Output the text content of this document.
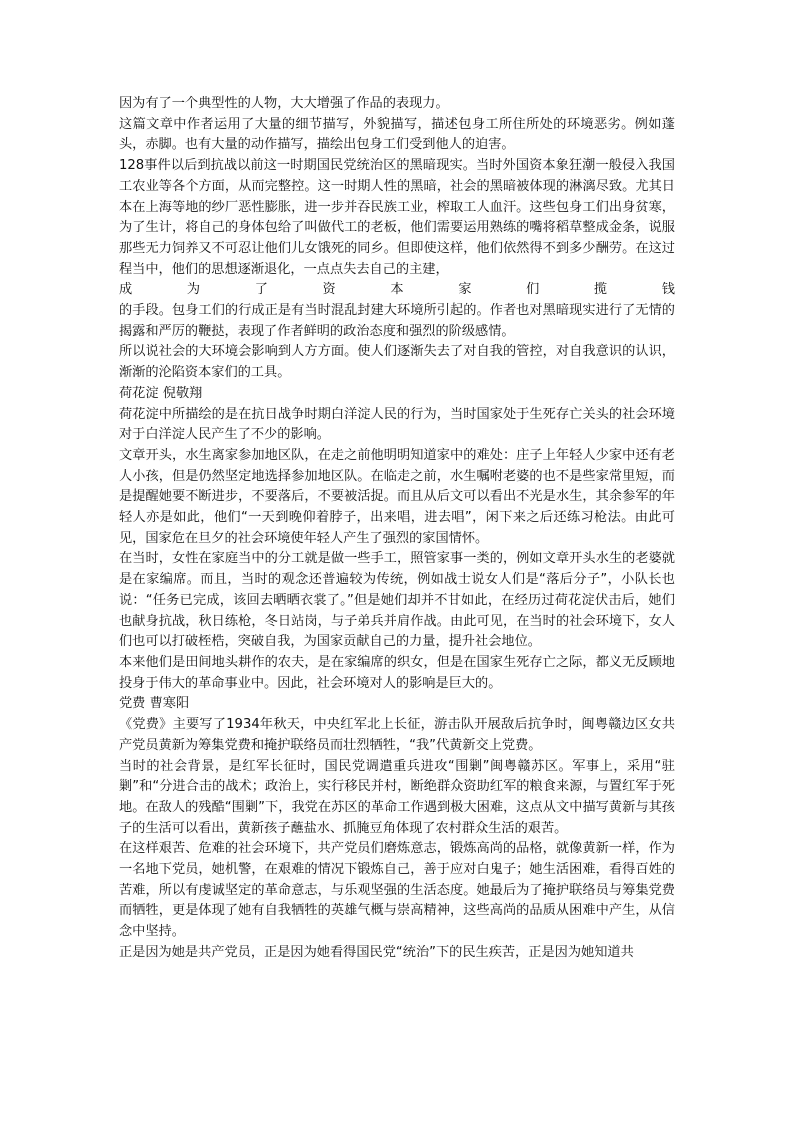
因为有了一个典型性的人物，大大增强了作品的表现力。

这篇文章中作者运用了大量的细节描写，外貌描写，描述包身工所住所处的环境恶劣。例如蓬头，赤脚。也有大量的动作描写，描绘出包身工们受到他人的迫害。

128事件以后到抗战以前这一时期国民党统治区的黑暗现实。当时外国资本象狂潮一般侵入我国工农业等各个方面，从而完整控。这一时期人性的黑暗，社会的黑暗被体现的淋漓尽致。尤其日本在上海等地的纱厂恶性膨胀，进一步并吞民族工业，榨取工人血汗。这些包身工们出身贫寒，为了生计，将自己的身体包给了叫做代工的老板，他们需要运用熟练的嘴将稻草整成金条，说服那些无力饲养又不可忍让他们儿女饿死的同乡。但即使这样，他们依然得不到多少酬劳。在这过程当中，他们的思想逐渐退化，一点点失去自己的主建，

成	为	了	资	本	家	们	揽	钱

的手段。包身工们的行成正是有当时混乱封建大环境所引起的。作者也对黑暗现实进行了无情的揭露和严厉的鞭挞，表现了作者鲜明的政治态度和强烈的阶级感情。

所以说社会的大环境会影响到人方方面。使人们逐渐失去了对自我的管控，对自我意识的认识，渐渐的沦陷资本家们的工具。

荷花淀 倪敬翔

荷花淀中所描绘的是在抗日战争时期白洋淀人民的行为，当时国家处于生死存亡关头的社会环境对于白洋淀人民产生了不少的影响。

文章开头，水生离家参加地区队，在走之前他明明知道家中的难处：庄子上年轻人少家中还有老人小孩，但是仍然坚定地选择参加地区队。在临走之前，水生嘱咐老婆的也不是些家常里短，而是提醒她要不断进步，不要落后，不要被活捉。而且从后文可以看出不光是水生，其余参军的年轻人亦是如此，他们“一天到晚仰着脖子，出来唱，进去唱”，闲下来之后还练习枪法。由此可见，国家危在旦夕的社会环境使年轻人产生了强烈的家国情怀。

在当时，女性在家庭当中的分工就是做一些手工，照管家事一类的，例如文章开头水生的老婆就是在家编席。而且，当时的观念还普遍较为传统，例如战士说女人们是“落后分子”，小队长也说：“任务已完成，该回去晒晒衣裳了。”但是她们却并不甘如此，在经历过荷花淀伏击后，她们也献身抗战，秋日练枪，冬日站岗，与子弟兵并肩作战。由此可见，在当时的社会环境下，女人们也可以打破桎梏，突破自我，为国家贡献自己的力量，提升社会地位。

本来他们是田间地头耕作的农夫，是在家编席的织女，但是在国家生死存亡之际，都义无反顾地投身于伟大的革命事业中。因此，社会环境对人的影响是巨大的。

党费 曹寒阳

《党费》主要写了1934年秋天，中央红军北上长征，游击队开展敌后抗争时，闽粤赣边区女共产党员黄新为筹集党费和掩护联络员而壮烈牺牲，“我”代黄新交上党费。

当时的社会背景，是红军长征时，国民党调遣重兵进攻“围剿”闽粤赣苏区。军事上，采用“驻剿”和“分进合击的战术；政治上，实行移民并村，断绝群众资助红军的粮食来源，与置红军于死地。在敌人的残酷“围剿”下，我党在苏区的革命工作遇到极大困难，这点从文中描写黄新与其孩子的生活可以看出，黄新孩子蘸盐水、抓腌豆角体现了农村群众生活的艰苦。

在这样艰苦、危难的社会环境下，共产党员们磨炼意志，锻炼高尚的品格，就像黄新一样，作为一名地下党员，她机警，在艰难的情况下锻炼自己，善于应对白鬼子；她生活困难，看得百姓的苦难，所以有虔诚坚定的革命意志，与乐观坚强的生活态度。她最后为了掩护联络员与筹集党费而牺牲，更是体现了她有自我牺牲的英雄气概与崇高精神，这些高尚的品质从困难中产生，从信念中坚持。

正是因为她是共产党员，正是因为她看得国民党“统治”下的民生疾苦，正是因为她知道共
